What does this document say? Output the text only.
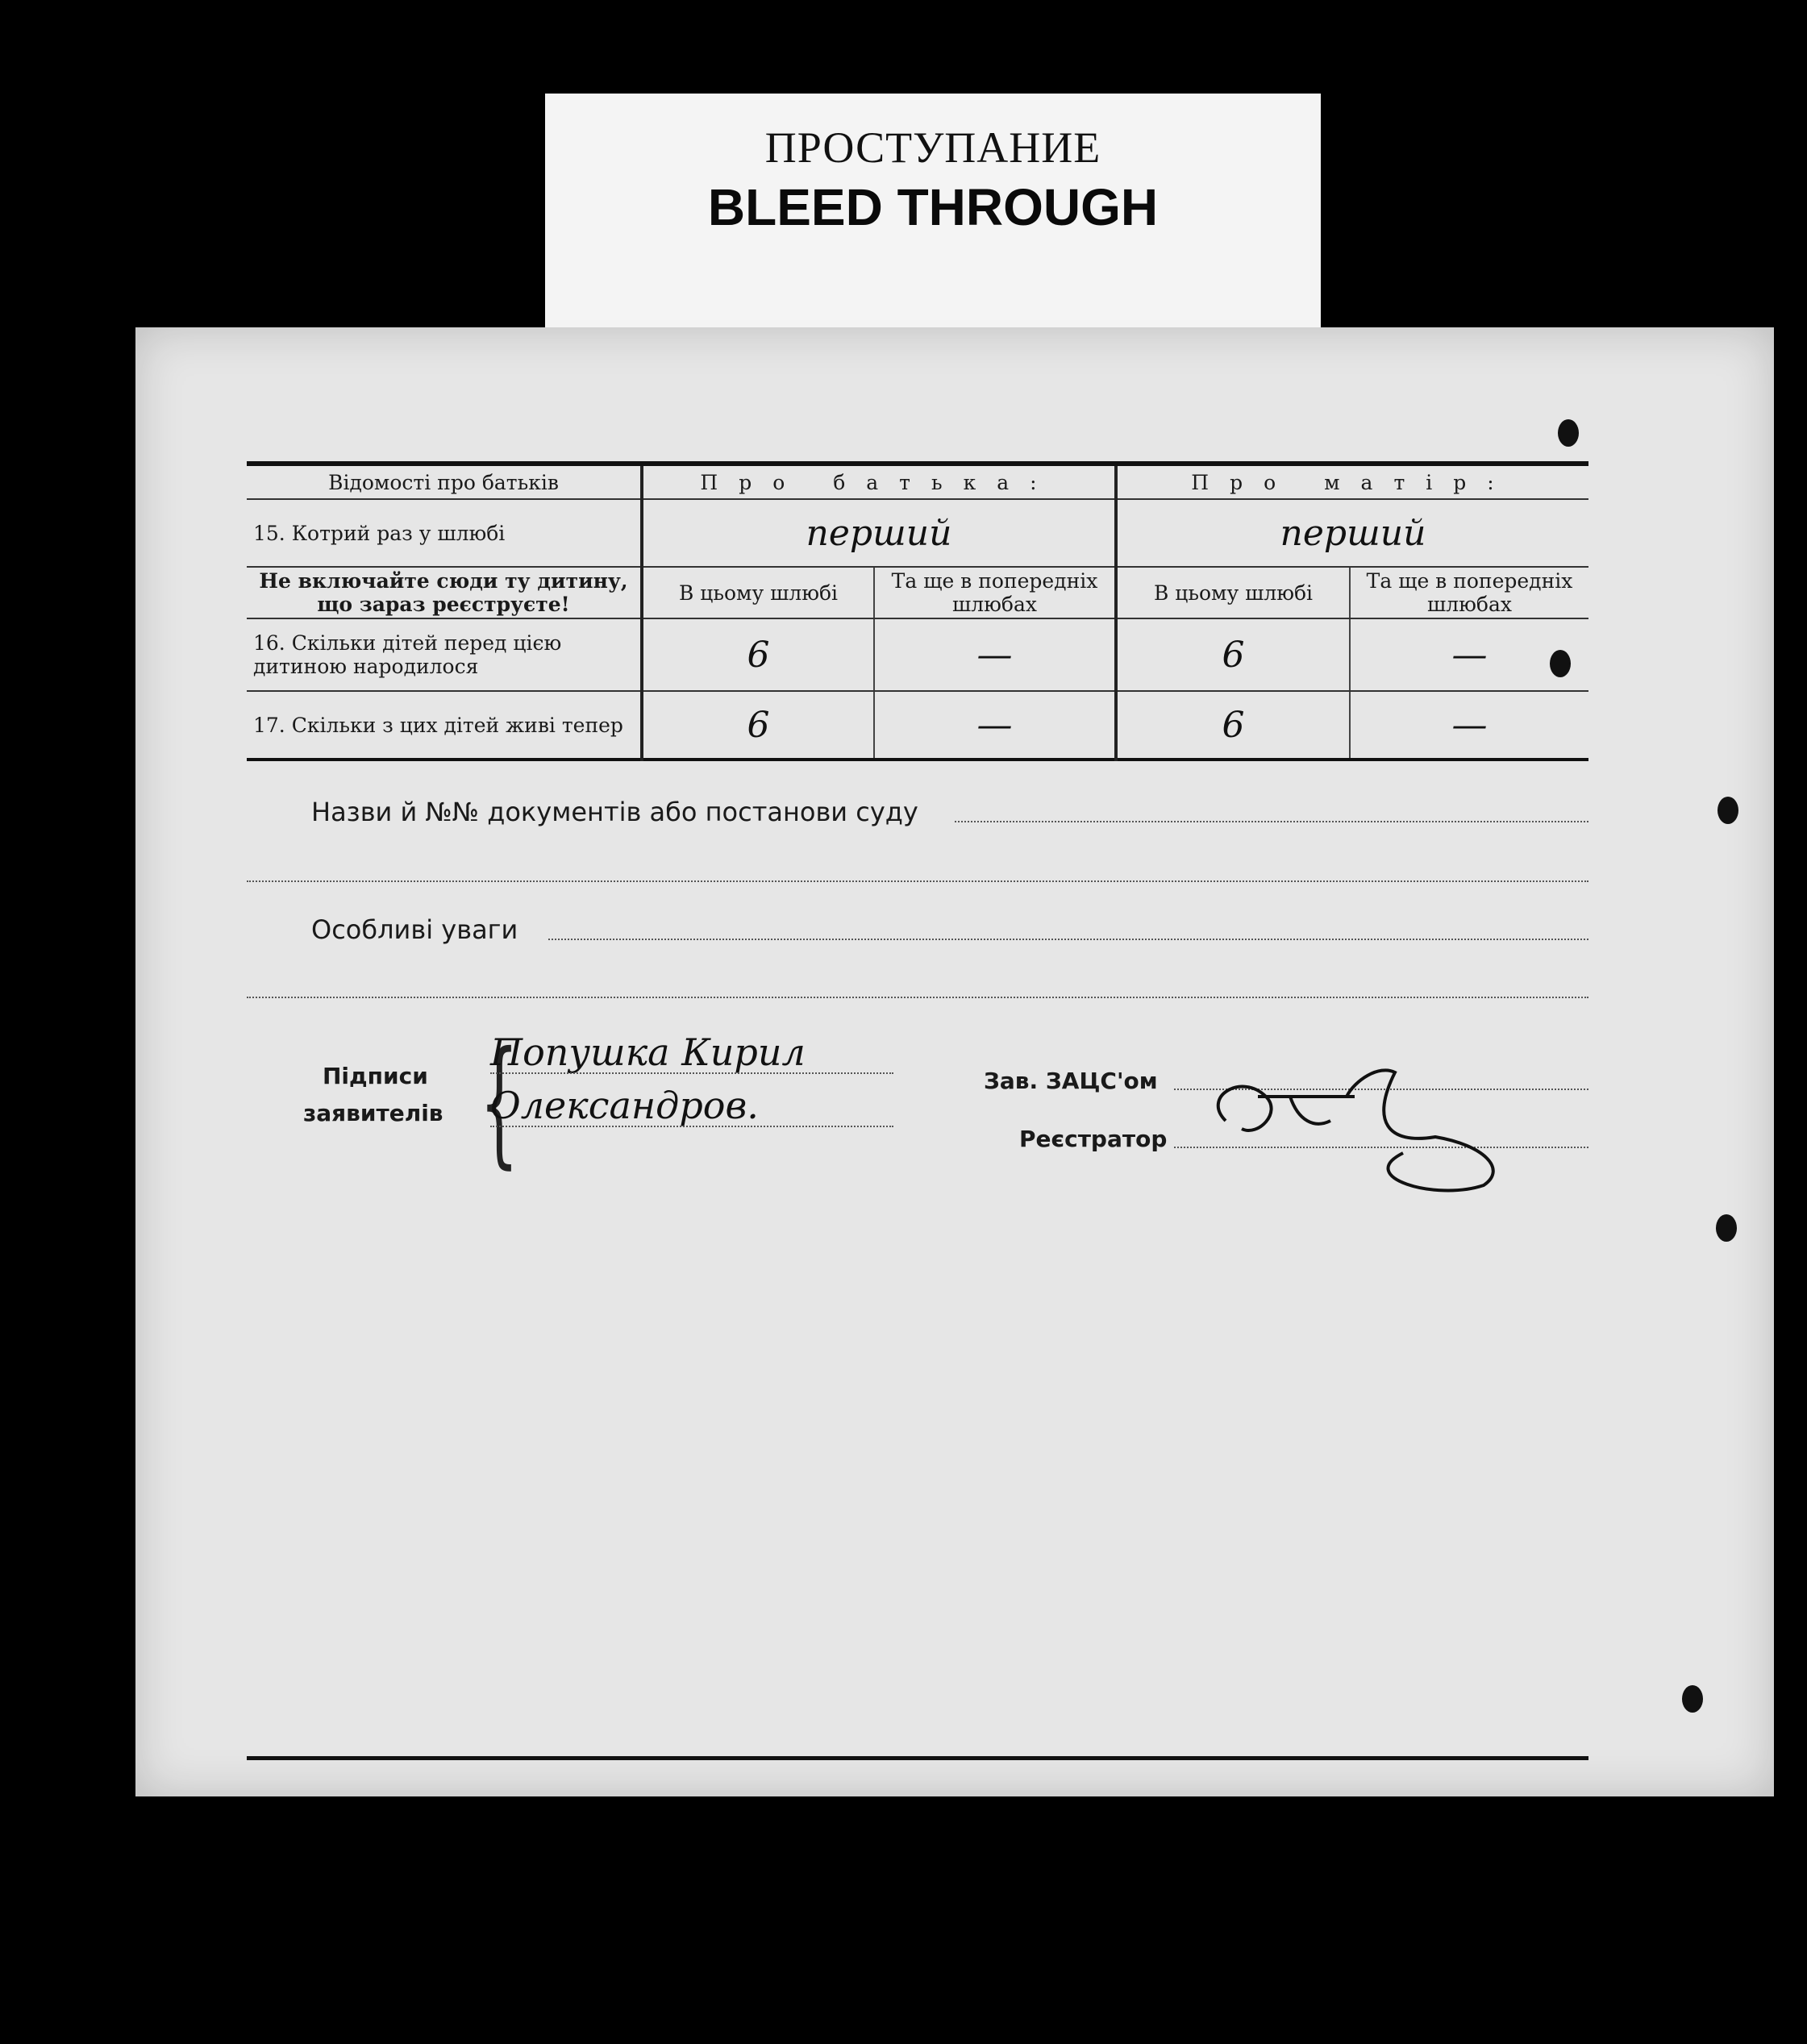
ПРОСТУПАНИЕ
BLEED THROUGH
Відомості про батьків	Про батька:		Про матір:	
15. Котрий раз у шлюбі	перший		перший	
Не включайте сюди ту дитину, що зараз реєструєте!	В цьому шлюбі	Та ще в попередніх шлюбах	В цьому шлюбі	Та ще в попередніх шлюбах
16. Скільки дітей перед цією дитиною народилося	6	—	6	—
17. Скільки з цих дітей живі тепер	6	—	6	—
Назви й №№ документів або постанови суду
Особливі уваги
Підписи
заявителів {
Попушка Кирил
Олександров.
Зав. ЗАЦС'ом
Реєстратор
